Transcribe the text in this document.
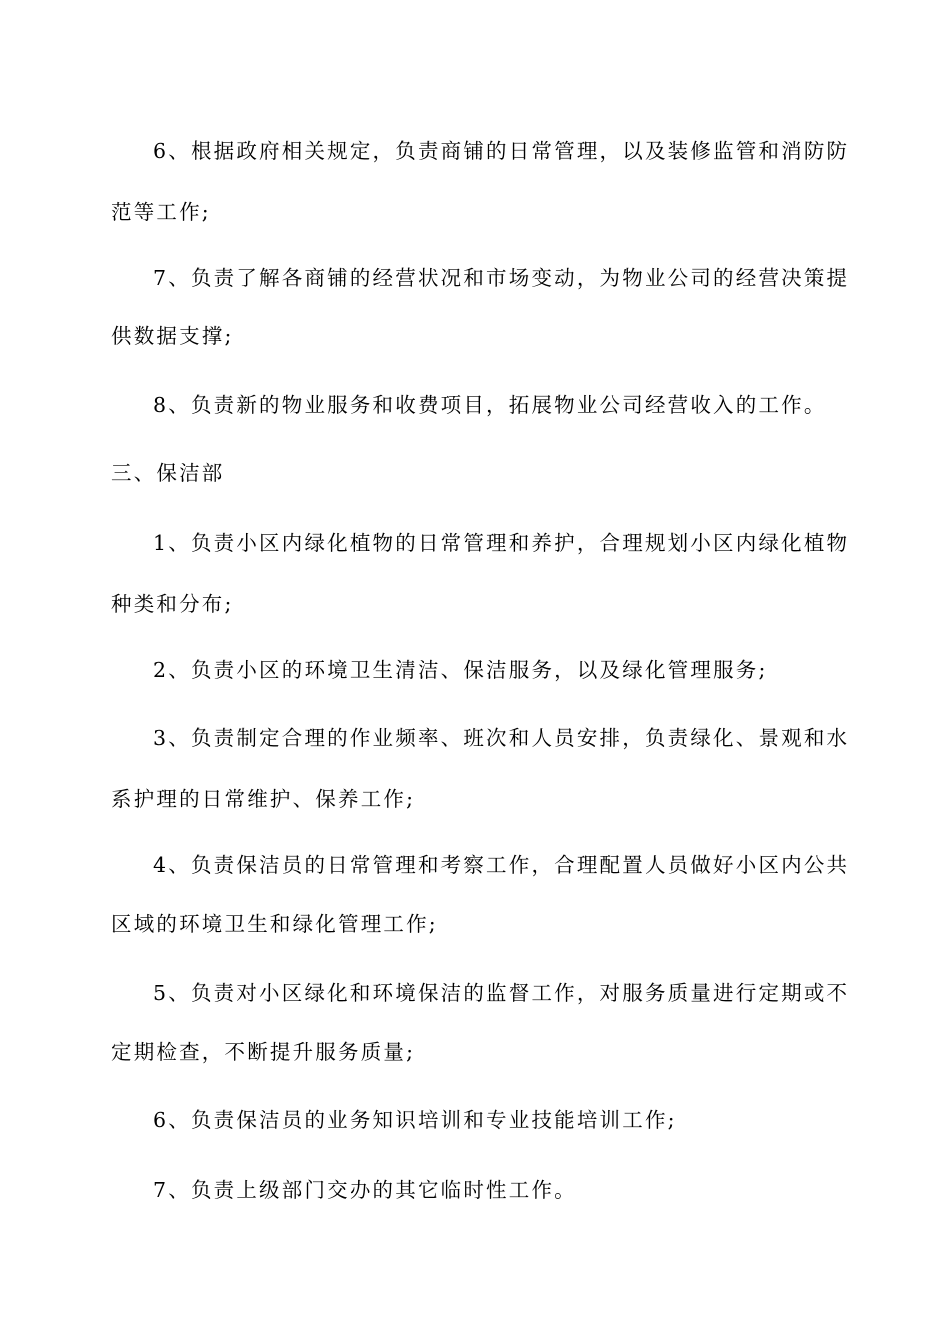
6、根据政府相关规定，负责商铺的日常管理，以及装修监管和消防防

范等工作;

7、负责了解各商铺的经营状况和市场变动，为物业公司的经营决策提

供数据支撑;

8、负责新的物业服务和收费项目，拓展物业公司经营收入的工作。

三、保洁部

1、负责小区内绿化植物的日常管理和养护，合理规划小区内绿化植物

种类和分布;

2、负责小区的环境卫生清洁、保洁服务，以及绿化管理服务;

3、负责制定合理的作业频率、班次和人员安排，负责绿化、景观和水

系护理的日常维护、保养工作;

4、负责保洁员的日常管理和考察工作，合理配置人员做好小区内公共

区域的环境卫生和绿化管理工作;

5、负责对小区绿化和环境保洁的监督工作，对服务质量进行定期或不

定期检查，不断提升服务质量;

6、负责保洁员的业务知识培训和专业技能培训工作;

7、负责上级部门交办的其它临时性工作。
